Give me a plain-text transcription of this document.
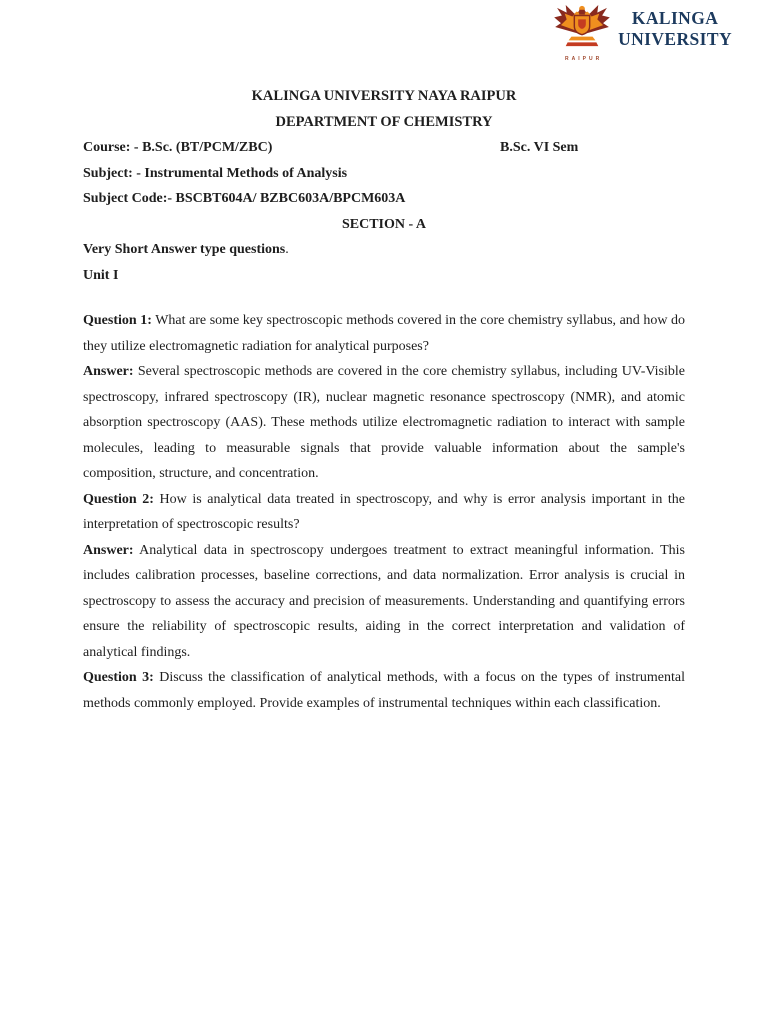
RAIPUR
KALINGA
UNIVERSITY

KALINGA UNIVERSITY NAYA RAIPUR

DEPARTMENT OF CHEMISTRY

Course: - B.Sc. (BT/PCM/ZBC)	B.Sc. VI Sem

Subject: - Instrumental Methods of Analysis

Subject Code:- BSCBT604A/ BZBC603A/BPCM603A

SECTION - A

Very Short Answer type questions.

Unit I

Question 1: What are some key spectroscopic methods covered in the core chemistry syllabus, and how do they utilize electromagnetic radiation for analytical purposes?

Answer: Several spectroscopic methods are covered in the core chemistry syllabus, including UV-Visible spectroscopy, infrared spectroscopy (IR), nuclear magnetic resonance spectroscopy (NMR), and atomic absorption spectroscopy (AAS). These methods utilize electromagnetic radiation to interact with sample molecules, leading to measurable signals that provide valuable information about the sample's composition, structure, and concentration.

Question 2: How is analytical data treated in spectroscopy, and why is error analysis important in the interpretation of spectroscopic results?

Answer: Analytical data in spectroscopy undergoes treatment to extract meaningful information. This includes calibration processes, baseline corrections, and data normalization. Error analysis is crucial in spectroscopy to assess the accuracy and precision of measurements. Understanding and quantifying errors ensure the reliability of spectroscopic results, aiding in the correct interpretation and validation of analytical findings.

Question 3: Discuss the classification of analytical methods, with a focus on the types of instrumental methods commonly employed. Provide examples of instrumental techniques within each classification.
